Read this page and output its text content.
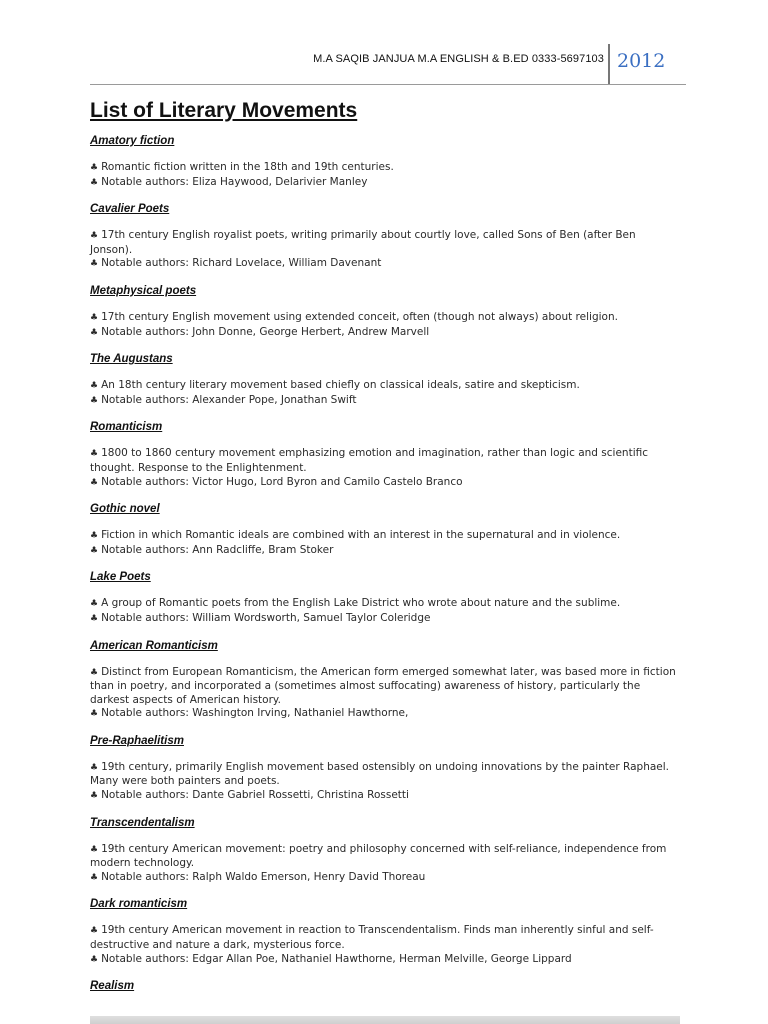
M.A SAQIB JANJUA M.A ENGLISH & B.ED 0333-5697103 2012
List of Literary Movements
Amatory fiction

♣ Romantic fiction written in the 18th and 19th centuries.

♣ Notable authors: Eliza Haywood, Delarivier Manley

Cavalier Poets

♣ 17th century English royalist poets, writing primarily about courtly love, called Sons of Ben (after Ben Jonson).

♣ Notable authors: Richard Lovelace, William Davenant

Metaphysical poets

♣ 17th century English movement using extended conceit, often (though not always) about religion.

♣ Notable authors: John Donne, George Herbert, Andrew Marvell

The Augustans

♣ An 18th century literary movement based chiefly on classical ideals, satire and skepticism.

♣ Notable authors: Alexander Pope, Jonathan Swift

Romanticism

♣ 1800 to 1860 century movement emphasizing emotion and imagination, rather than logic and scientific thought. Response to the Enlightenment.

♣ Notable authors: Victor Hugo, Lord Byron and Camilo Castelo Branco

Gothic novel

♣ Fiction in which Romantic ideals are combined with an interest in the supernatural and in violence.

♣ Notable authors: Ann Radcliffe, Bram Stoker

Lake Poets

♣ A group of Romantic poets from the English Lake District who wrote about nature and the sublime.

♣ Notable authors: William Wordsworth, Samuel Taylor Coleridge

American Romanticism

♣ Distinct from European Romanticism, the American form emerged somewhat later, was based more in fiction than in poetry, and incorporated a (sometimes almost suffocating) awareness of history, particularly the darkest aspects of American history.

♣ Notable authors: Washington Irving, Nathaniel Hawthorne,

Pre-Raphaelitism

♣ 19th century, primarily English movement based ostensibly on undoing innovations by the painter Raphael. Many were both painters and poets.

♣ Notable authors: Dante Gabriel Rossetti, Christina Rossetti

Transcendentalism

♣ 19th century American movement: poetry and philosophy concerned with self-reliance, independence from modern technology.

♣ Notable authors: Ralph Waldo Emerson, Henry David Thoreau

Dark romanticism

♣ 19th century American movement in reaction to Transcendentalism. Finds man inherently sinful and self-destructive and nature a dark, mysterious force.

♣ Notable authors: Edgar Allan Poe, Nathaniel Hawthorne, Herman Melville, George Lippard

Realism
